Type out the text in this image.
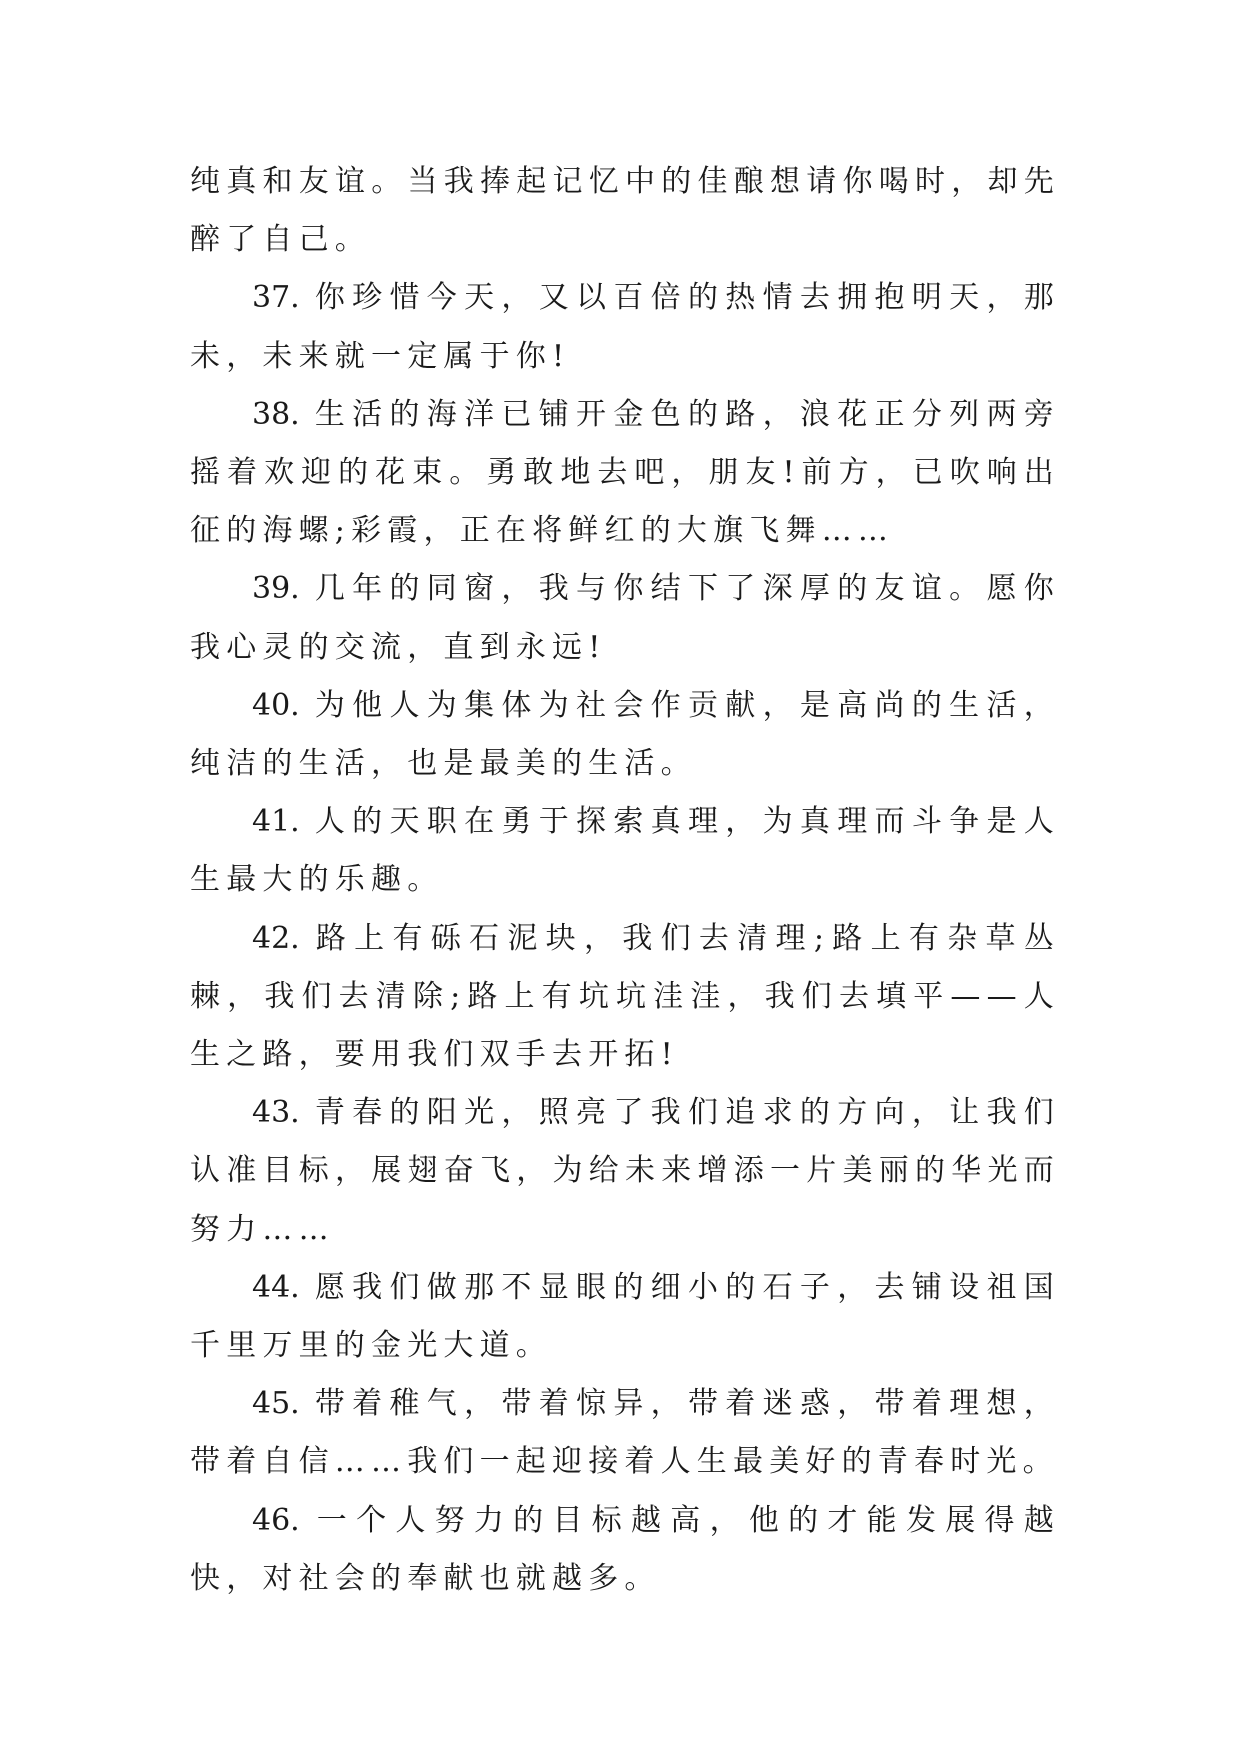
纯真和友谊。当我捧起记忆中的佳酿想请你喝时，却先醉了自己。

37. 你珍惜今天，又以百倍的热情去拥抱明天，那未，未来就一定属于你!

38. 生活的海洋已铺开金色的路，浪花正分列两旁摇着欢迎的花束。勇敢地去吧，朋友!前方，已吹响出征的海螺;彩霞，正在将鲜红的大旗飞舞……

39. 几年的同窗，我与你结下了深厚的友谊。愿你我心灵的交流，直到永远!

40. 为他人为集体为社会作贡献，是高尚的生活，纯洁的生活，也是最美的生活。

41. 人的天职在勇于探索真理，为真理而斗争是人生最大的乐趣。

42. 路上有砾石泥块，我们去清理;路上有杂草丛棘，我们去清除;路上有坑坑洼洼，我们去填平——人生之路，要用我们双手去开拓!

43. 青春的阳光，照亮了我们追求的方向，让我们认准目标，展翅奋飞，为给未来增添一片美丽的华光而努力……

44. 愿我们做那不显眼的细小的石子，去铺设祖国千里万里的金光大道。

45. 带着稚气，带着惊异，带着迷惑，带着理想，带着自信……我们一起迎接着人生最美好的青春时光。

46. 一个人努力的目标越高，他的才能发展得越快，对社会的奉献也就越多。
